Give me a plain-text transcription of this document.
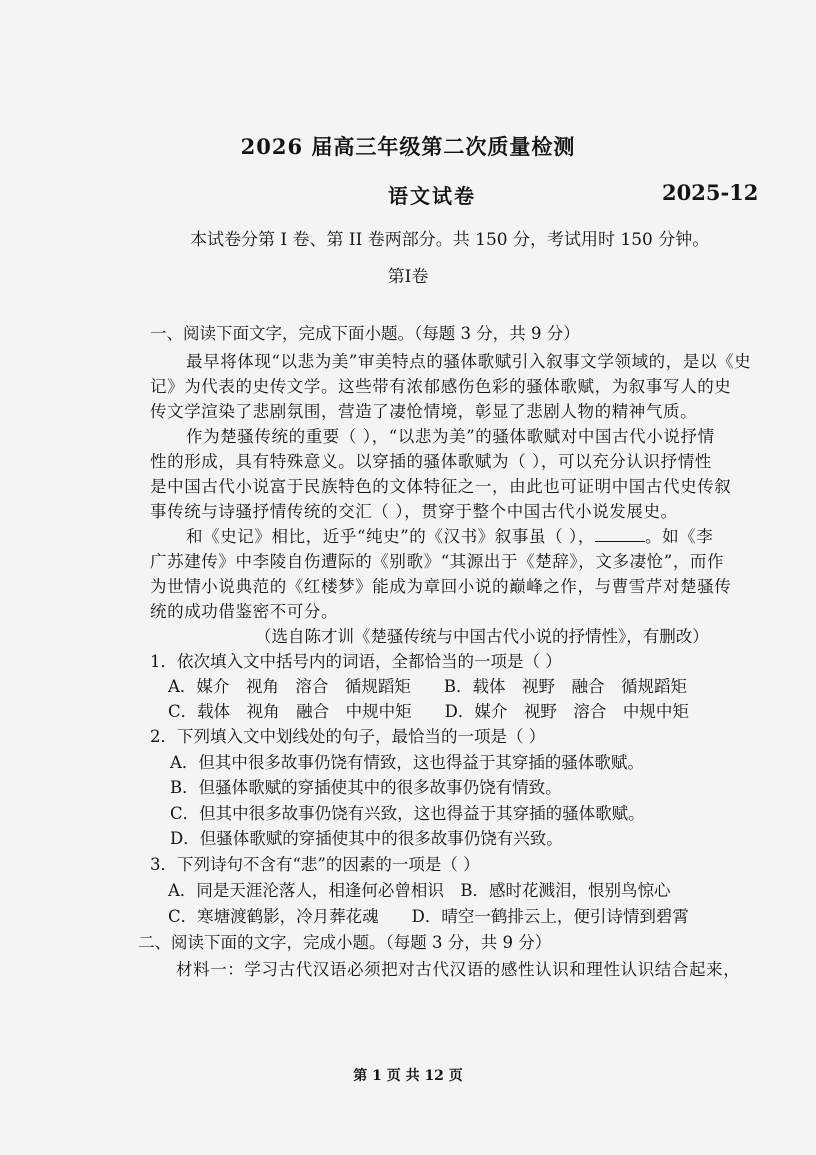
2026 届高三年级第二次质量检测
语文试卷	2025-12
本试卷分第 I 卷、第 II 卷两部分。共 150 分，考试用时 150 分钟。
第I卷
一、阅读下面文字，完成下面小题。（每题 3 分，共 9 分）
最早将体现“以悲为美”审美特点的骚体歌赋引入叙事文学领域的，是以《史
记》为代表的史传文学。这些带有浓郁感伤色彩的骚体歌赋，为叙事写人的史
传文学渲染了悲剧氛围，营造了凄怆情境，彰显了悲剧人物的精神气质。
作为楚骚传统的重要（ ），“以悲为美”的骚体歌赋对中国古代小说抒情
性的形成，具有特殊意义。以穿插的骚体歌赋为（ ），可以充分认识抒情性
是中国古代小说富于民族特色的文体特征之一，由此也可证明中国古代史传叙
事传统与诗骚抒情传统的交汇（ ），贯穿于整个中国古代小说发展史。
和《史记》相比，近乎“纯史”的《汉书》叙事虽（ ），	。如《李
广苏建传》中李陵自伤遭际的《别歌》“其源出于《楚辞》，文多凄怆”，而作
为世情小说典范的《红楼梦》能成为章回小说的巅峰之作，与曹雪芹对楚骚传
统的成功借鉴密不可分。
（选自陈才训《楚骚传统与中国古代小说的抒情性》，有删改）
1．依次填入文中括号内的词语，全都恰当的一项是（ ）
A．媒介　视角　溶合　循规蹈矩　　B．载体　视野　融合　循规蹈矩
C．载体　视角　融合　中规中矩　　D．媒介　视野　溶合　中规中矩
2．下列填入文中划线处的句子，最恰当的一项是（ ）
A．但其中很多故事仍饶有情致，这也得益于其穿插的骚体歌赋。
B．但骚体歌赋的穿插使其中的很多故事仍饶有情致。
C．但其中很多故事仍饶有兴致，这也得益于其穿插的骚体歌赋。
D．但骚体歌赋的穿插使其中的很多故事仍饶有兴致。
3．下列诗句不含有“悲”的因素的一项是（ ）
A．同是天涯沦落人，相逢何必曾相识　B．感时花溅泪，恨别鸟惊心
C．寒塘渡鹤影，冷月葬花魂　　D．晴空一鹤排云上，便引诗情到碧霄
二、阅读下面的文字，完成小题。（每题 3 分，共 9 分）
材料一：学习古代汉语必须把对古代汉语的感性认识和理性认识结合起来，
第 1 页 共 12 页
